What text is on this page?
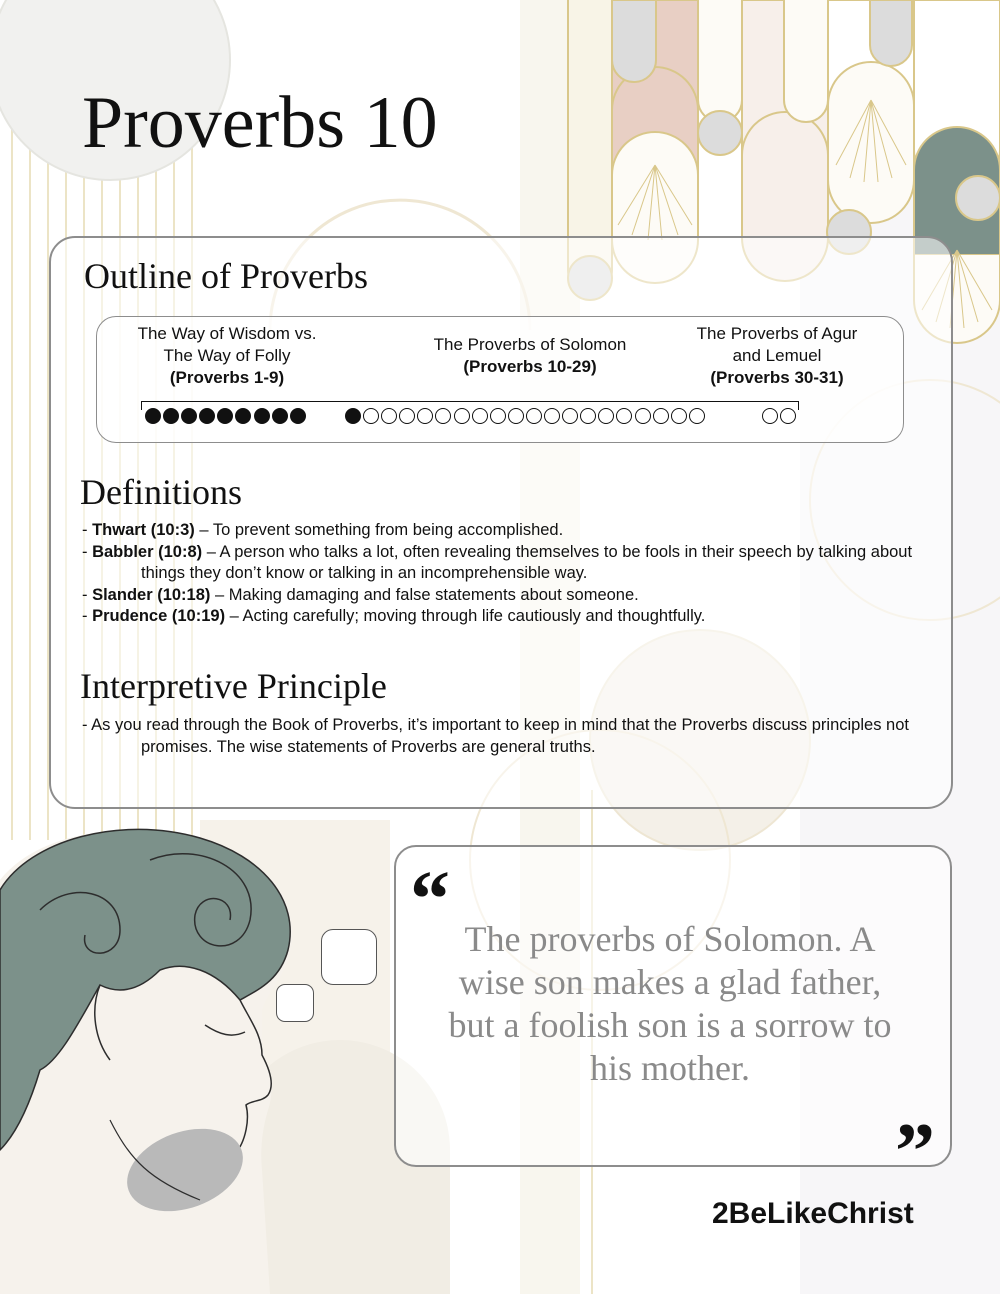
Proverbs 10
Outline of Proverbs
The Way of Wisdom vs.
The Way of Folly
(Proverbs 1-9)
The Proverbs of Solomon
(Proverbs 10-29)
The Proverbs of Agur
and Lemuel
(Proverbs 30-31)
Definitions
- Thwart (10:3) – To prevent something from being accomplished.
- Babbler (10:8) – A person who talks a lot, often revealing themselves to be fools in their speech by talking about things they don’t know or talking in an incomprehensible way.
- Slander (10:18) – Making damaging and false statements about someone.
- Prudence (10:19) – Acting carefully; moving through life cautiously and thoughtfully.
Interpretive Principle
- As you read through the Book of Proverbs, it’s important to keep in mind that the Proverbs discuss principles not promises. The wise statements of Proverbs are general truths.
“ The proverbs of Solomon. A wise son makes a glad father, but a foolish son is a sorrow to his mother.

”

2BeLikeChrist
